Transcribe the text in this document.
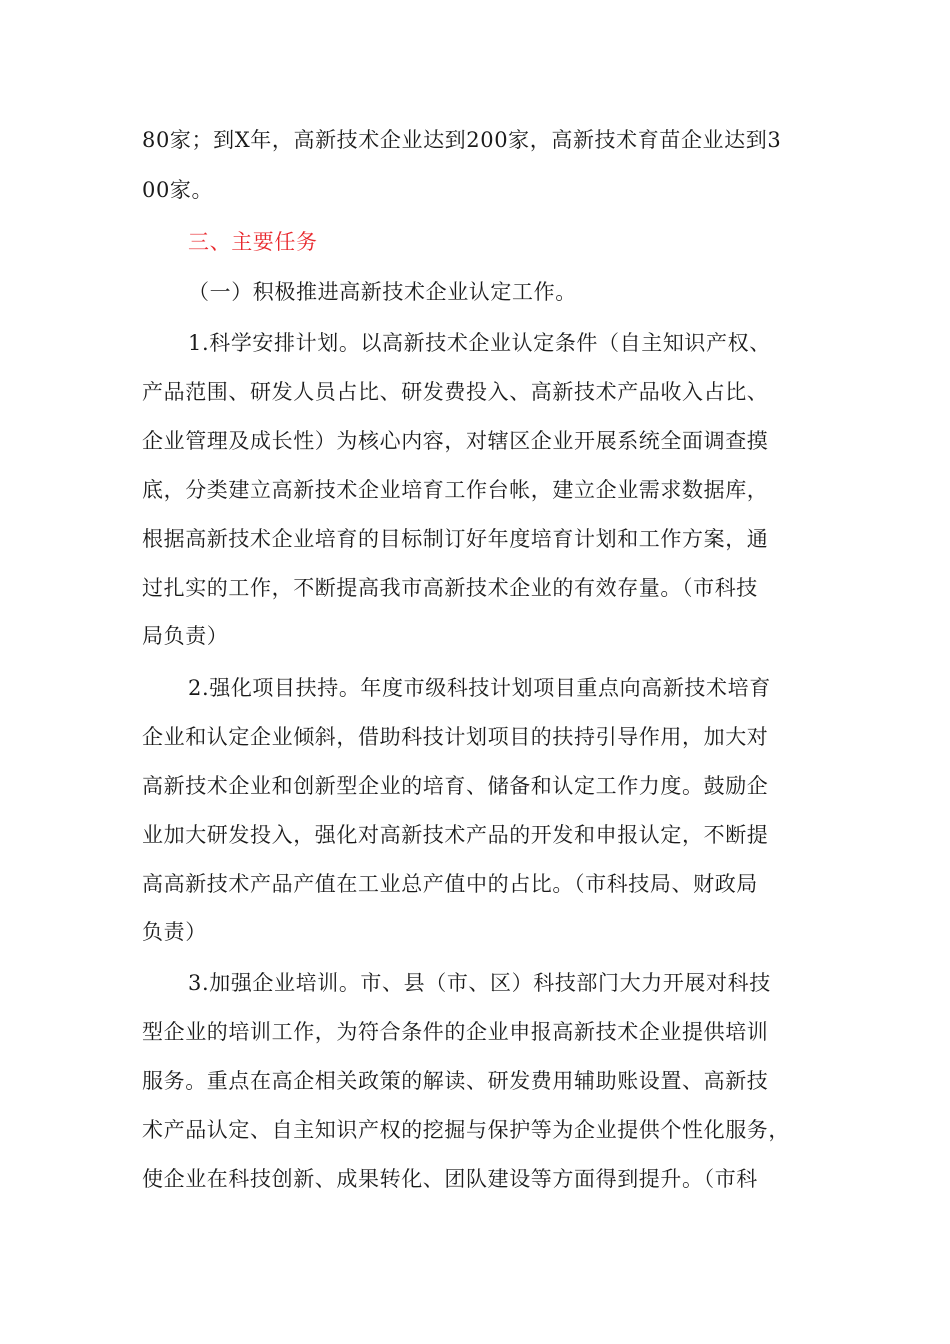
80家；到X年，高新技术企业达到200家，高新技术育苗企业达到3
00家。
三、主要任务
（一）积极推进高新技术企业认定工作。
1.科学安排计划。以高新技术企业认定条件（自主知识产权、
产品范围、研发人员占比、研发费投入、高新技术产品收入占比、
企业管理及成长性）为核心内容，对辖区企业开展系统全面调查摸
底，分类建立高新技术企业培育工作台帐，建立企业需求数据库，
根据高新技术企业培育的目标制订好年度培育计划和工作方案，通
过扎实的工作，不断提高我市高新技术企业的有效存量。（市科技
局负责）
2.强化项目扶持。年度市级科技计划项目重点向高新技术培育
企业和认定企业倾斜，借助科技计划项目的扶持引导作用，加大对
高新技术企业和创新型企业的培育、储备和认定工作力度。鼓励企
业加大研发投入，强化对高新技术产品的开发和申报认定，不断提
高高新技术产品产值在工业总产值中的占比。（市科技局、财政局
负责）
3.加强企业培训。市、县（市、区）科技部门大力开展对科技
型企业的培训工作，为符合条件的企业申报高新技术企业提供培训
服务。重点在高企相关政策的解读、研发费用辅助账设置、高新技
术产品认定、自主知识产权的挖掘与保护等为企业提供个性化服务，
使企业在科技创新、成果转化、团队建设等方面得到提升。（市科
